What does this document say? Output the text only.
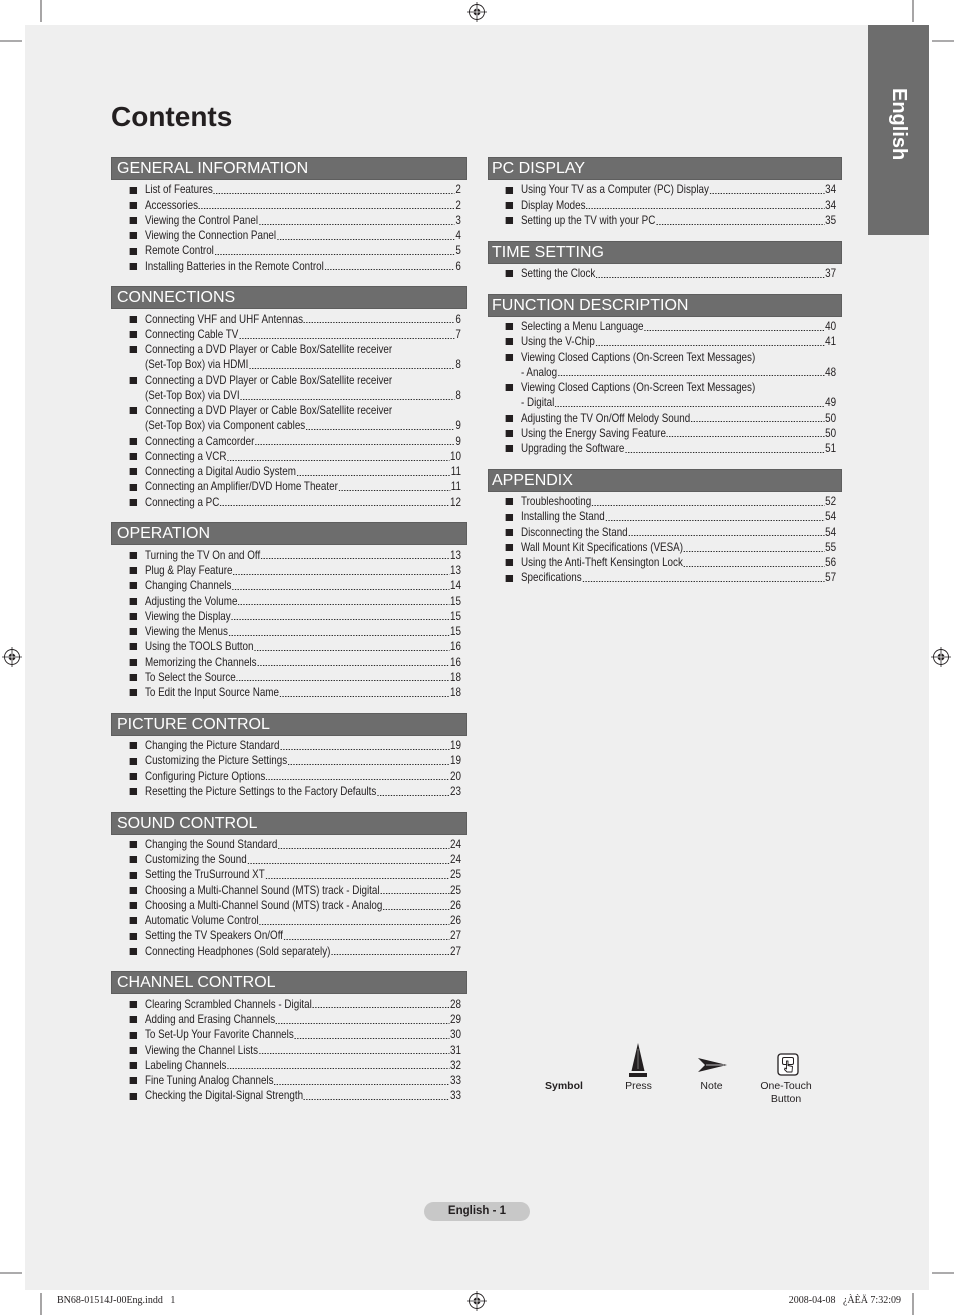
English
Contents
GENERAL INFORMATION
List of Features	2
Accessories	2
Viewing the Control Panel	3
Viewing the Connection Panel	4
Remote Control	5
Installing Batteries in the Remote Control	6
CONNECTIONS
Connecting VHF and UHF Antennas	6
Connecting Cable TV	7
Connecting a DVD Player or Cable Box/Satellite receiver
(Set-Top Box) via HDMI	8
Connecting a DVD Player or Cable Box/Satellite receiver
(Set-Top Box) via DVI	8
Connecting a DVD Player or Cable Box/Satellite receiver
(Set-Top Box) via Component cables	9
Connecting a Camcorder	9
Connecting a VCR	10
Connecting a Digital Audio System	11
Connecting an Amplifier/DVD Home Theater	11
Connecting a PC	12
OPERATION
Turning the TV On and Off	13
Plug & Play Feature	13
Changing Channels	14
Adjusting the Volume	15
Viewing the Display	15
Viewing the Menus	15
Using the TOOLS Button	16
Memorizing the Channels	16
To Select the Source	18
To Edit the Input Source Name	18
PICTURE CONTROL
Changing the Picture Standard	19
Customizing the Picture Settings	19
Configuring Picture Options	20
Resetting the Picture Settings to the Factory Defaults	23
SOUND CONTROL
Changing the Sound Standard	24
Customizing the Sound	24
Setting the TruSurround XT	25
Choosing a Multi-Channel Sound (MTS) track - Digital	25
Choosing a Multi-Channel Sound (MTS) track - Analog	26
Automatic Volume Control	26
Setting the TV Speakers On/Off	27
Connecting Headphones (Sold separately)	27
CHANNEL CONTROL
Clearing Scrambled Channels - Digital	28
Adding and Erasing Channels	29
To Set-Up Your Favorite Channels	30
Viewing the Channel Lists	31
Labeling Channels	32
Fine Tuning Analog Channels	33
Checking the Digital-Signal Strength	33
PC DISPLAY
Using Your TV as a Computer (PC) Display	34
Display Modes	34
Setting up the TV with your PC	35
TIME SETTING
Setting the Clock	37
FUNCTION DESCRIPTION
Selecting a Menu Language	40
Using the V-Chip	41
Viewing Closed Captions (On-Screen Text Messages)
- Analog	48
Viewing Closed Captions (On-Screen Text Messages)
- Digital	49
Adjusting the TV On/Off Melody Sound	50
Using the Energy Saving Feature	50
Upgrading the Software	51
APPENDIX
Troubleshooting	52
Installing the Stand	54
Disconnecting the Stand	54
Wall Mount Kit Specifications (VESA)	55
Using the Anti-Theft Kensington Lock	56
Specifications	57
Symbol	Press	Note	One-Touch
Button
English - 1
BN68-01514J-00Eng.indd   1	2008-04-08   ¿ÀÈÄ 7:32:09
